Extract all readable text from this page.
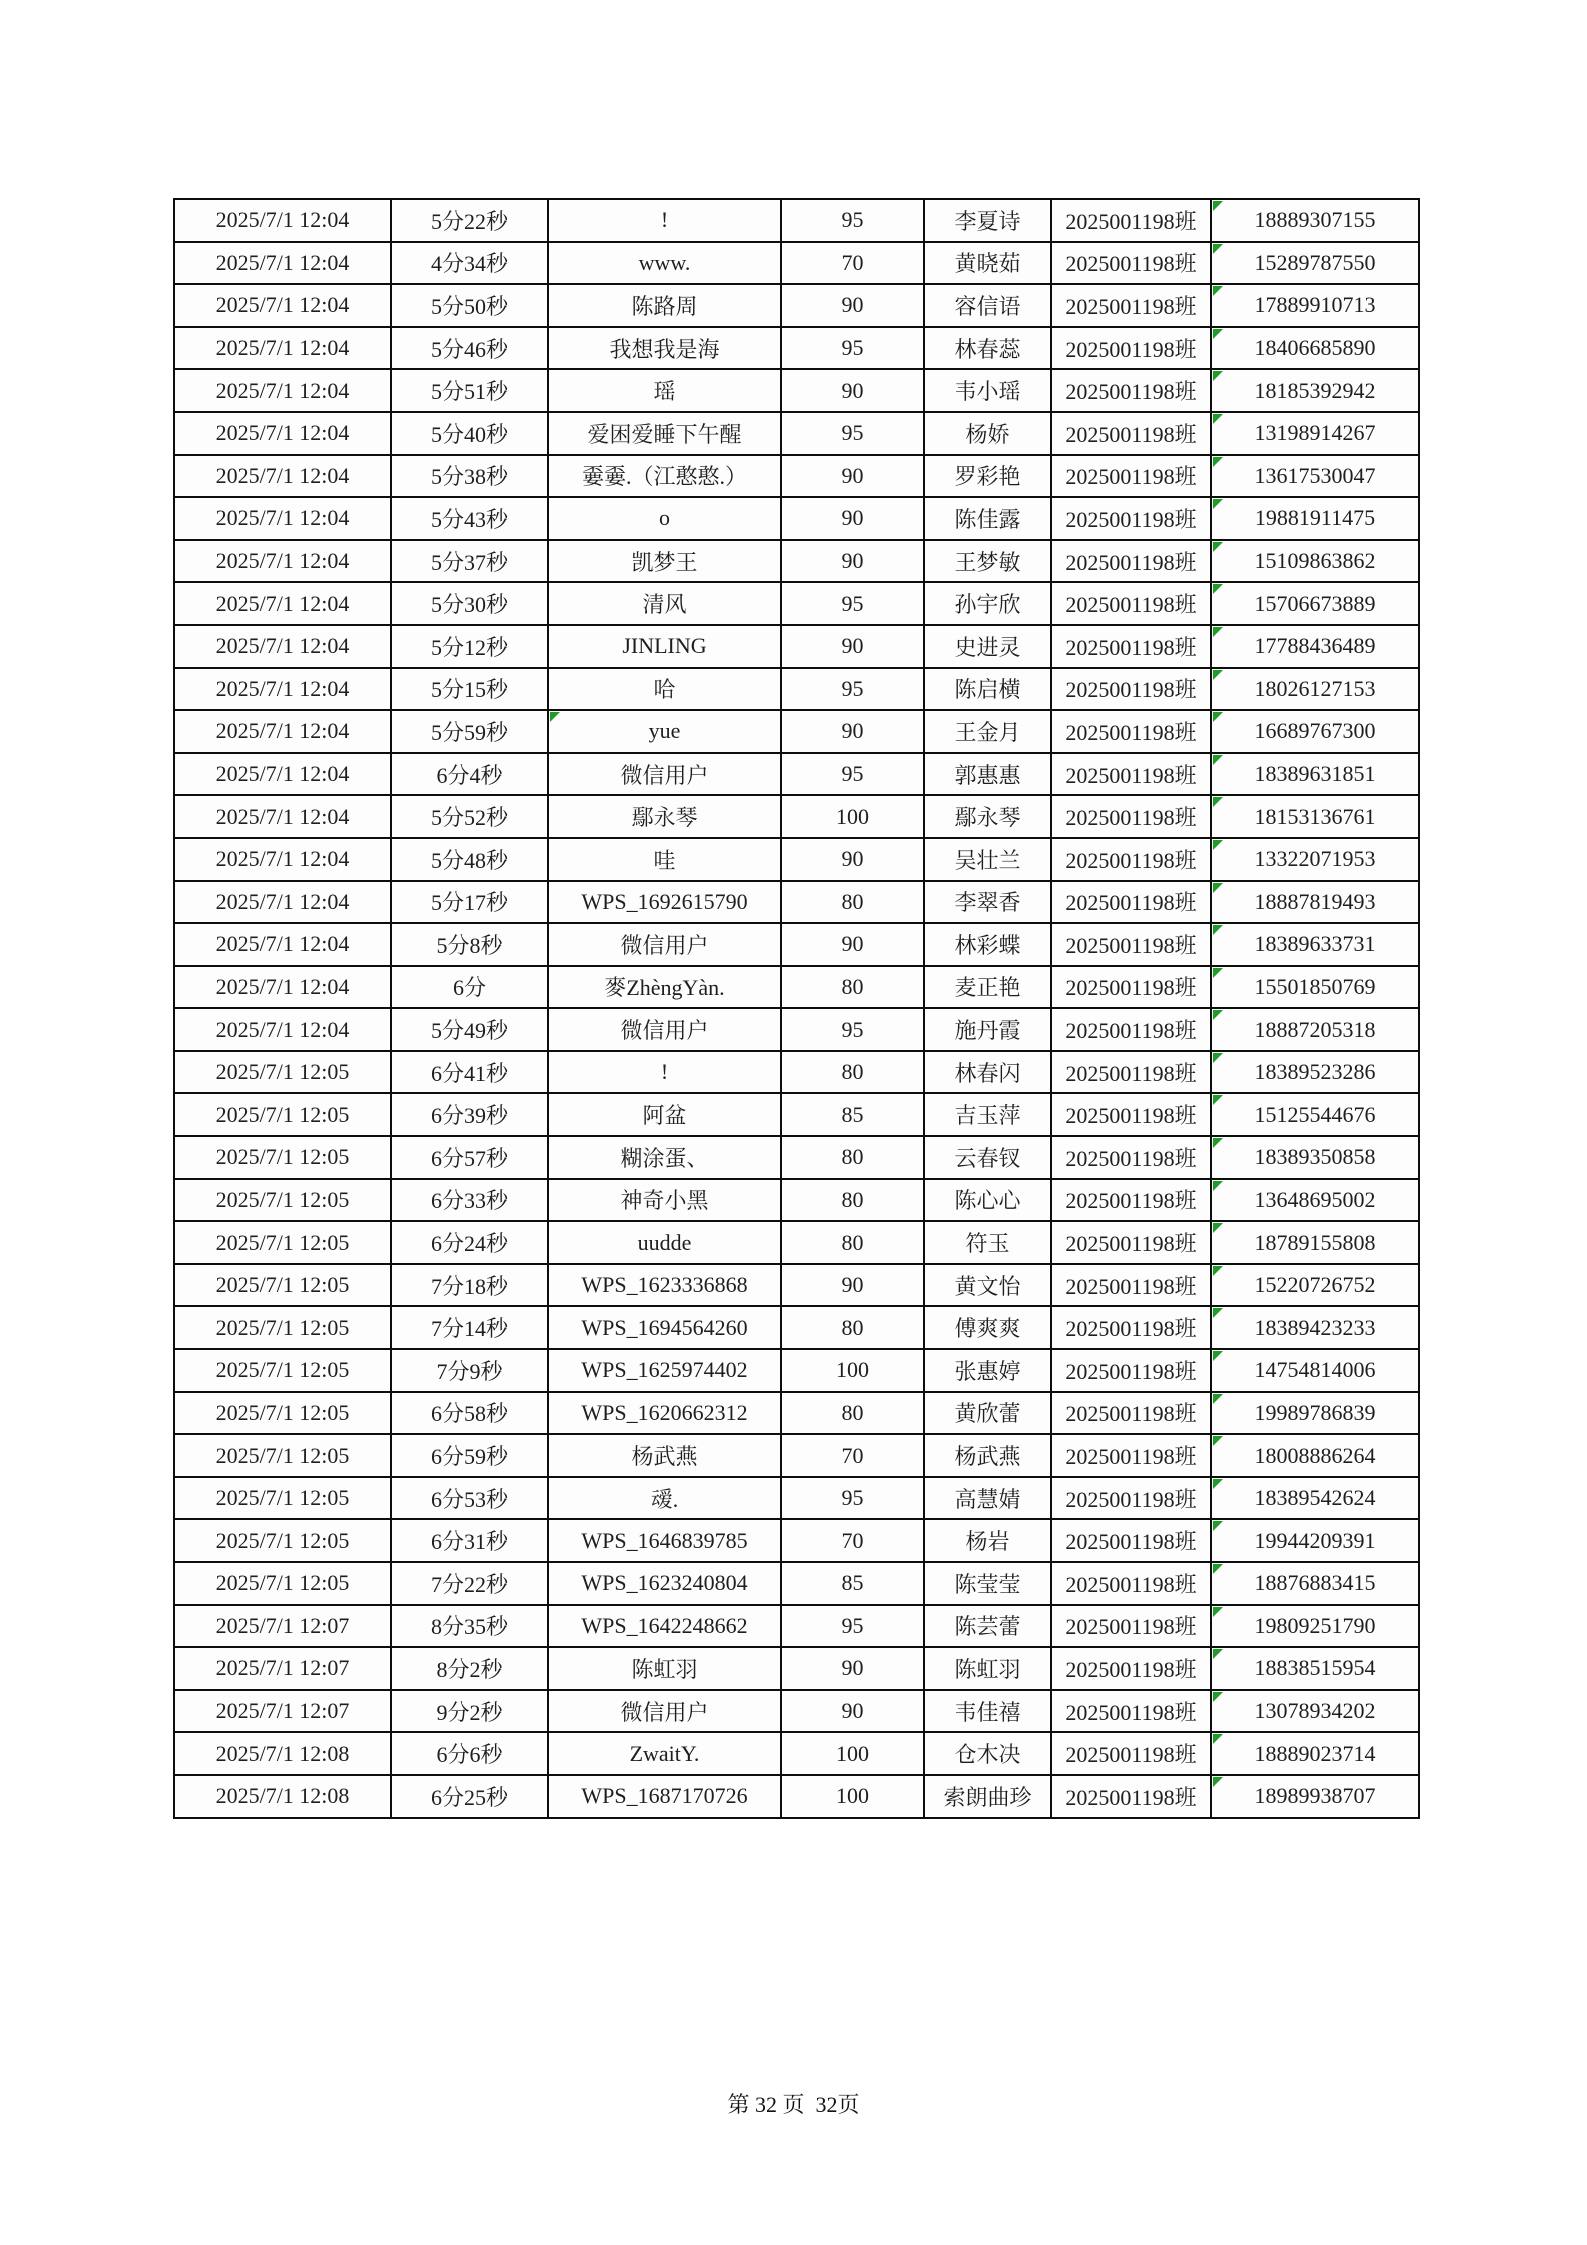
2025/7/1 12:04	5分22秒	!	95	李夏诗	2025001198班	18889307155

2025/7/1 12:04	4分34秒	www.	70	黄晓茹	2025001198班	15289787550

2025/7/1 12:04	5分50秒	陈路周	90	容信语	2025001198班	17889910713

2025/7/1 12:04	5分46秒	我想我是海	95	林春蕊	2025001198班	18406685890

2025/7/1 12:04	5分51秒	瑶	90	韦小瑶	2025001198班	18185392942

2025/7/1 12:04	5分40秒	爱困爱睡下午醒	95	杨娇	2025001198班	13198914267

2025/7/1 12:04	5分38秒	嫑嫑.（江憨憨.）	90	罗彩艳	2025001198班	13617530047

2025/7/1 12:04	5分43秒	o	90	陈佳露	2025001198班	19881911475

2025/7/1 12:04	5分37秒	凯梦王	90	王梦敏	2025001198班	15109863862

2025/7/1 12:04	5分30秒	清风	95	孙宇欣	2025001198班	15706673889

2025/7/1 12:04	5分12秒	JINLING	90	史进灵	2025001198班	17788436489

2025/7/1 12:04	5分15秒	哈	95	陈启横	2025001198班	18026127153

2025/7/1 12:04	5分59秒	yue	90	王金月	2025001198班	16689767300

2025/7/1 12:04	6分4秒	微信用户	95	郭惠惠	2025001198班	18389631851

2025/7/1 12:04	5分52秒	鄢永琴	100	鄢永琴	2025001198班	18153136761

2025/7/1 12:04	5分48秒	哇	90	吴壮兰	2025001198班	13322071953

2025/7/1 12:04	5分17秒	WPS_1692615790	80	李翠香	2025001198班	18887819493

2025/7/1 12:04	5分8秒	微信用户	90	林彩蝶	2025001198班	18389633731

2025/7/1 12:04	6分	麥ZhèngYàn.	80	麦正艳	2025001198班	15501850769

2025/7/1 12:04	5分49秒	微信用户	95	施丹霞	2025001198班	18887205318

2025/7/1 12:05	6分41秒	!	80	林春闪	2025001198班	18389523286

2025/7/1 12:05	6分39秒	阿盆	85	吉玉萍	2025001198班	15125544676

2025/7/1 12:05	6分57秒	糊涂蛋、	80	云春钗	2025001198班	18389350858

2025/7/1 12:05	6分33秒	神奇小黑	80	陈心心	2025001198班	13648695002

2025/7/1 12:05	6分24秒	uudde	80	符玉	2025001198班	18789155808

2025/7/1 12:05	7分18秒	WPS_1623336868	90	黄文怡	2025001198班	15220726752

2025/7/1 12:05	7分14秒	WPS_1694564260	80	傅爽爽	2025001198班	18389423233

2025/7/1 12:05	7分9秒	WPS_1625974402	100	张惠婷	2025001198班	14754814006

2025/7/1 12:05	6分58秒	WPS_1620662312	80	黄欣蕾	2025001198班	19989786839

2025/7/1 12:05	6分59秒	杨武燕	70	杨武燕	2025001198班	18008886264

2025/7/1 12:05	6分53秒	叆.	95	高慧婧	2025001198班	18389542624

2025/7/1 12:05	6分31秒	WPS_1646839785	70	杨岩	2025001198班	19944209391

2025/7/1 12:05	7分22秒	WPS_1623240804	85	陈莹莹	2025001198班	18876883415

2025/7/1 12:07	8分35秒	WPS_1642248662	95	陈芸蕾	2025001198班	19809251790

2025/7/1 12:07	8分2秒	陈虹羽	90	陈虹羽	2025001198班	18838515954

2025/7/1 12:07	9分2秒	微信用户	90	韦佳禧	2025001198班	13078934202

2025/7/1 12:08	6分6秒	ZwaitY.	100	仓木决	2025001198班	18889023714

2025/7/1 12:08	6分25秒	WPS_1687170726	100	索朗曲珍	2025001198班	18989938707
第 32 页  32页
